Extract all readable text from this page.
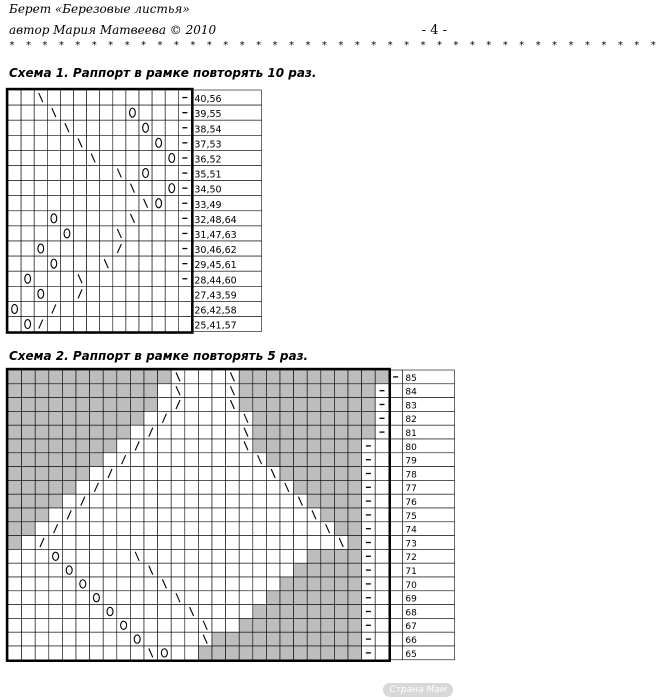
Берет «Березовые листья»
автор Мария Матвеева © 2010	- 4 -
* * * * * * * * * * * * * * * * * * * * * * * * * * * * * * * * * * * * * * * *
Схема 1. Раппорт в рамке повторять 10 раз.
40,56
39,55
38,54
37,53
36,52
35,51
34,50
33,49
32,48,64
31,47,63
30,46,62
29,45,61
28,44,60
27,43,59
26,42,58
25,41,57
Схема 2. Раппорт в рамке повторять 5 раз.
85
84
83
82
81
80
79
78
77
76
75
74
73
72
71
70
69
68
67
66
65
Страна Мам
